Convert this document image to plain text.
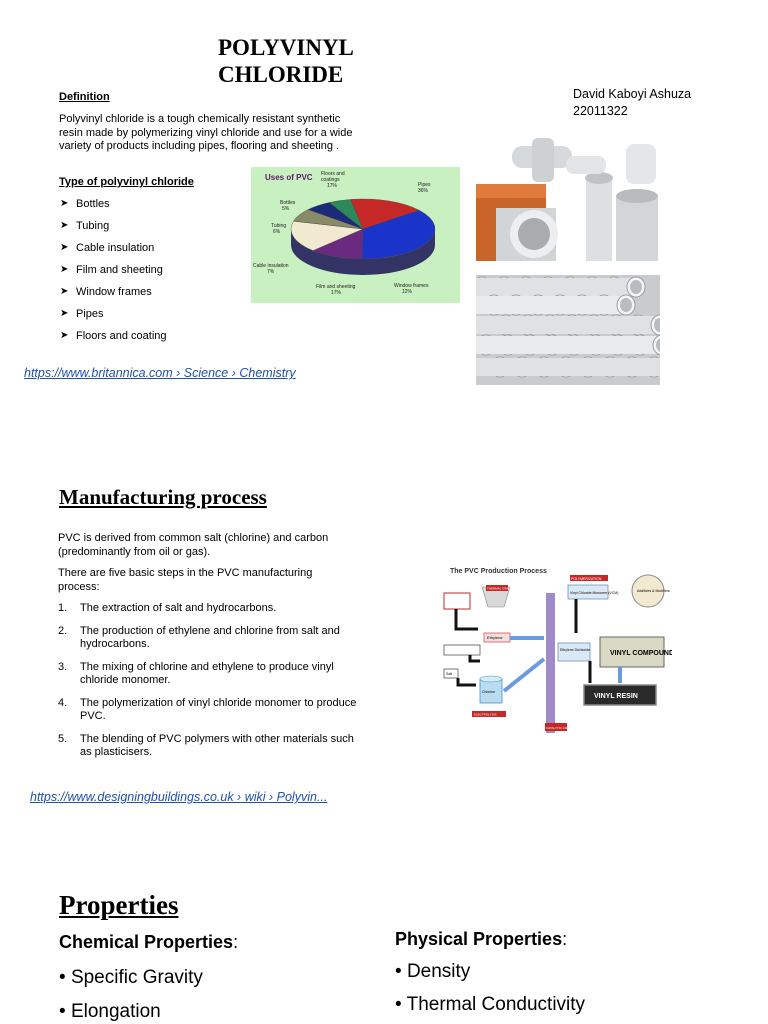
POLYVINYL
CHLORIDE
David Kaboyi Ashuza
22011322
Definition
Polyvinyl chloride is a tough chemically resistant synthetic resin made by polymerizing vinyl chloride and use for a wide variety of products including pipes, flooring and sheeting .
Type of polyvinyl chloride
➤ Bottles
➤ Tubing
➤ Cable insulation
➤ Film and sheeting
➤ Window frames
➤ Pipes
➤ Floors and coating
https://www.britannica.com › Science › Chemistry
Uses of PVC Floors and coatings 17%	Pipes 36%
Window frames 12%
Film and sheeting 17%
Cable insulation 7%
Tubing 6%
Bottles 5%
Manufacturing process
PVC is derived from common salt (chlorine) and carbon (predominantly from oil or gas).
There are five basic steps in the PVC manufacturing process:
1. The extraction of salt and hydrocarbons.
2. The production of ethylene and chlorine from salt and hydrocarbons.
3. The mixing of chlorine and ethylene to produce vinyl chloride monomer.
4. The polymerization of vinyl chloride monomer to produce PVC.
5. The blending of PVC polymers with other materials such as plasticisers.
The PVC Production Process
POLYMERIZATION
CATALYTIC CRACKING
Salt
THERMAL CRACKING
Ethylene
Chlorine
ELECTROLYSIS
Ethylene Dichloride
Vinyl Chloride Monomer (VCM)	Additives & Modifiers
VINYL COMPOUND
VINYL RESIN
https://www.designingbuildings.co.uk › wiki › Polyvin...
Properties
Chemical Properties:
• Specific Gravity
• Elongation
Physical Properties:
• Density
• Thermal Conductivity
